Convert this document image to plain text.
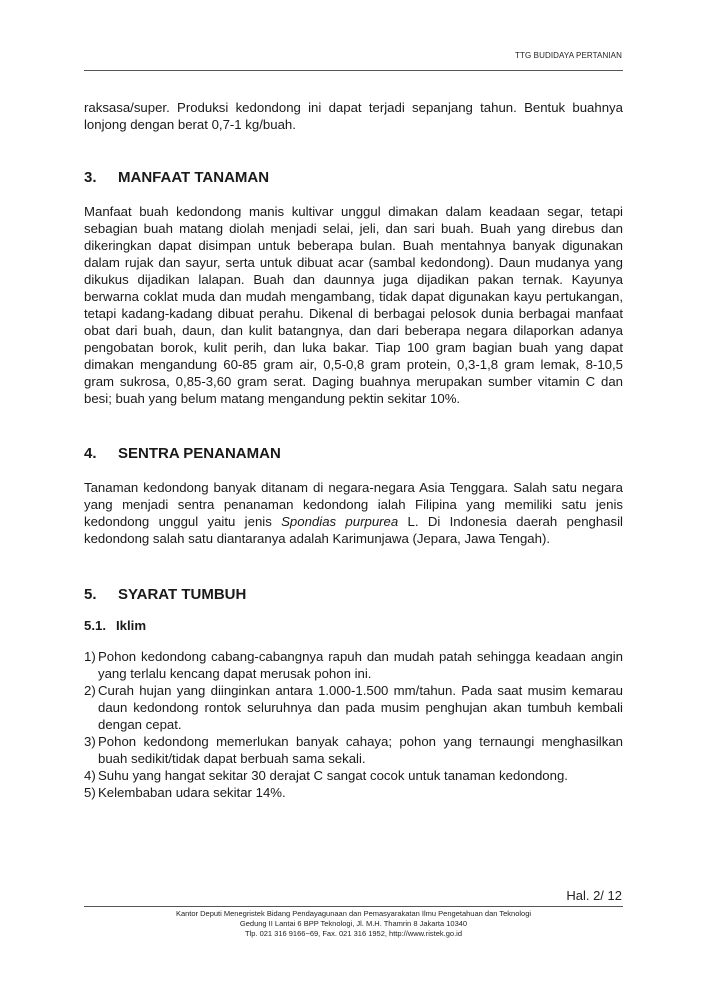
TTG BUDIDAYA PERTANIAN

raksasa/super. Produksi kedondong ini dapat terjadi sepanjang tahun. Bentuk buahnya lonjong dengan berat 0,7-1 kg/buah.

3.	MANFAAT TANAMAN

Manfaat buah kedondong manis kultivar unggul dimakan dalam keadaan segar, tetapi sebagian buah matang diolah menjadi selai, jeli, dan sari buah. Buah yang direbus dan dikeringkan dapat disimpan untuk beberapa bulan. Buah mentahnya banyak digunakan dalam rujak dan sayur, serta untuk dibuat acar (sambal kedondong). Daun mudanya yang dikukus dijadikan lalapan. Buah dan daunnya juga dijadikan pakan ternak. Kayunya berwarna coklat muda dan mudah mengambang, tidak dapat digunakan kayu pertukangan, tetapi kadang-kadang dibuat perahu. Dikenal di berbagai pelosok dunia berbagai manfaat obat dari buah, daun, dan kulit batangnya, dan dari beberapa negara dilaporkan adanya pengobatan borok, kulit perih, dan luka bakar. Tiap 100 gram bagian buah yang dapat dimakan mengandung 60-85 gram air, 0,5-0,8 gram protein, 0,3-1,8 gram lemak, 8-10,5 gram sukrosa, 0,85-3,60 gram serat. Daging buahnya merupakan sumber vitamin C dan besi; buah yang belum matang mengandung pektin sekitar 10%.

4.	SENTRA PENANAMAN

Tanaman kedondong banyak ditanam di negara-negara Asia Tenggara. Salah satu negara yang menjadi sentra penanaman kedondong ialah Filipina yang memiliki satu jenis kedondong unggul yaitu jenis Spondias purpurea L. Di Indonesia daerah penghasil kedondong salah satu diantaranya adalah Karimunjawa (Jepara, Jawa Tengah).

5.	SYARAT TUMBUH
5.1. Iklim
1) Pohon kedondong cabang-cabangnya rapuh dan mudah patah sehingga keadaan angin yang terlalu kencang dapat merusak pohon ini.
2) Curah hujan yang diinginkan antara 1.000-1.500 mm/tahun. Pada saat musim kemarau daun kedondong rontok seluruhnya dan pada musim penghujan akan tumbuh kembali dengan cepat.
3) Pohon kedondong memerlukan banyak cahaya; pohon yang ternaungi menghasilkan buah sedikit/tidak dapat berbuah sama sekali.
4) Suhu yang hangat sekitar 30 derajat C sangat cocok untuk tanaman kedondong.
5) Kelembaban udara sekitar 14%.
Hal. 2/ 12
Kantor Deputi Menegristek Bidang Pendayagunaan dan Pemasyarakatan Ilmu Pengetahuan dan Teknologi
Gedung II Lantai 6 BPP Teknologi, Jl. M.H. Thamrin 8 Jakarta 10340
Tlp. 021 316 9166~69, Fax. 021 316 1952, http://www.ristek.go.id
